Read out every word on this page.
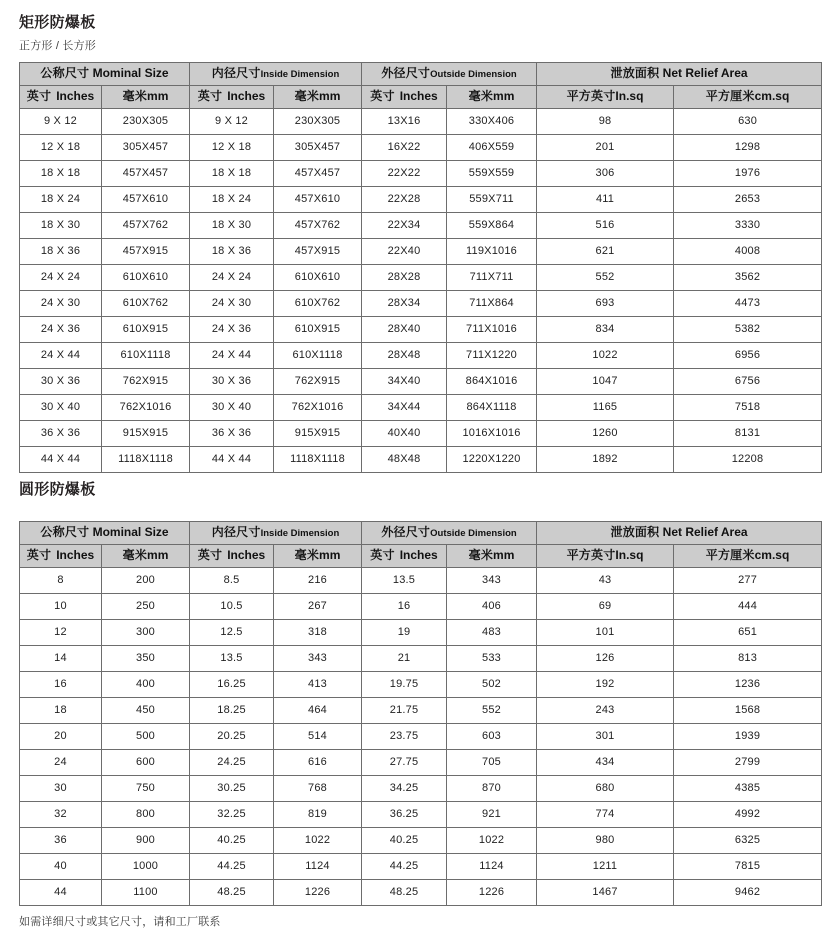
矩形防爆板
正方形 / 长方形
公称尺寸 Mominal Size		内径尺寸Inside Dimension		外径尺寸Outside Dimension		泄放面积 Net Relief Area	
英寸 Inches	毫米mm	英寸 Inches	毫米mm	英寸 Inches	毫米mm	平方英寸In.sq	平方厘米cm.sq
9 X 12	230X305	9 X 12	230X305	13X16	330X406	98	630
12 X 18	305X457	12 X 18	305X457	16X22	406X559	201	1298
18 X 18	457X457	18 X 18	457X457	22X22	559X559	306	1976
18 X 24	457X610	18 X 24	457X610	22X28	559X711	411	2653
18 X 30	457X762	18 X 30	457X762	22X34	559X864	516	3330
18 X 36	457X915	18 X 36	457X915	22X40	119X1016	621	4008
24 X 24	610X610	24 X 24	610X610	28X28	711X711	552	3562
24 X 30	610X762	24 X 30	610X762	28X34	711X864	693	4473
24 X 36	610X915	24 X 36	610X915	28X40	711X1016	834	5382
24 X 44	610X1118	24 X 44	610X1118	28X48	711X1220	1022	6956
30 X 36	762X915	30 X 36	762X915	34X40	864X1016	1047	6756
30 X 40	762X1016	30 X 40	762X1016	34X44	864X1118	1165	7518
36 X 36	915X915	36 X 36	915X915	40X40	1016X1016	1260	8131
44 X 44	1118X1118	44 X 44	1118X1118	48X48	1220X1220	1892	12208
圆形防爆板
公称尺寸 Mominal Size		内径尺寸Inside Dimension		外径尺寸Outside Dimension		泄放面积 Net Relief Area	
英寸 Inches	毫米mm	英寸 Inches	毫米mm	英寸 Inches	毫米mm	平方英寸In.sq	平方厘米cm.sq
8	200	8.5	216	13.5	343	43	277
10	250	10.5	267	16	406	69	444
12	300	12.5	318	19	483	101	651
14	350	13.5	343	21	533	126	813
16	400	16.25	413	19.75	502	192	1236
18	450	18.25	464	21.75	552	243	1568
20	500	20.25	514	23.75	603	301	1939
24	600	24.25	616	27.75	705	434	2799
30	750	30.25	768	34.25	870	680	4385
32	800	32.25	819	36.25	921	774	4992
36	900	40.25	1022	40.25	1022	980	6325
40	1000	44.25	1124	44.25	1124	1211	7815
44	1100	48.25	1226	48.25	1226	1467	9462
如需详细尺寸或其它尺寸，请和工厂联系
